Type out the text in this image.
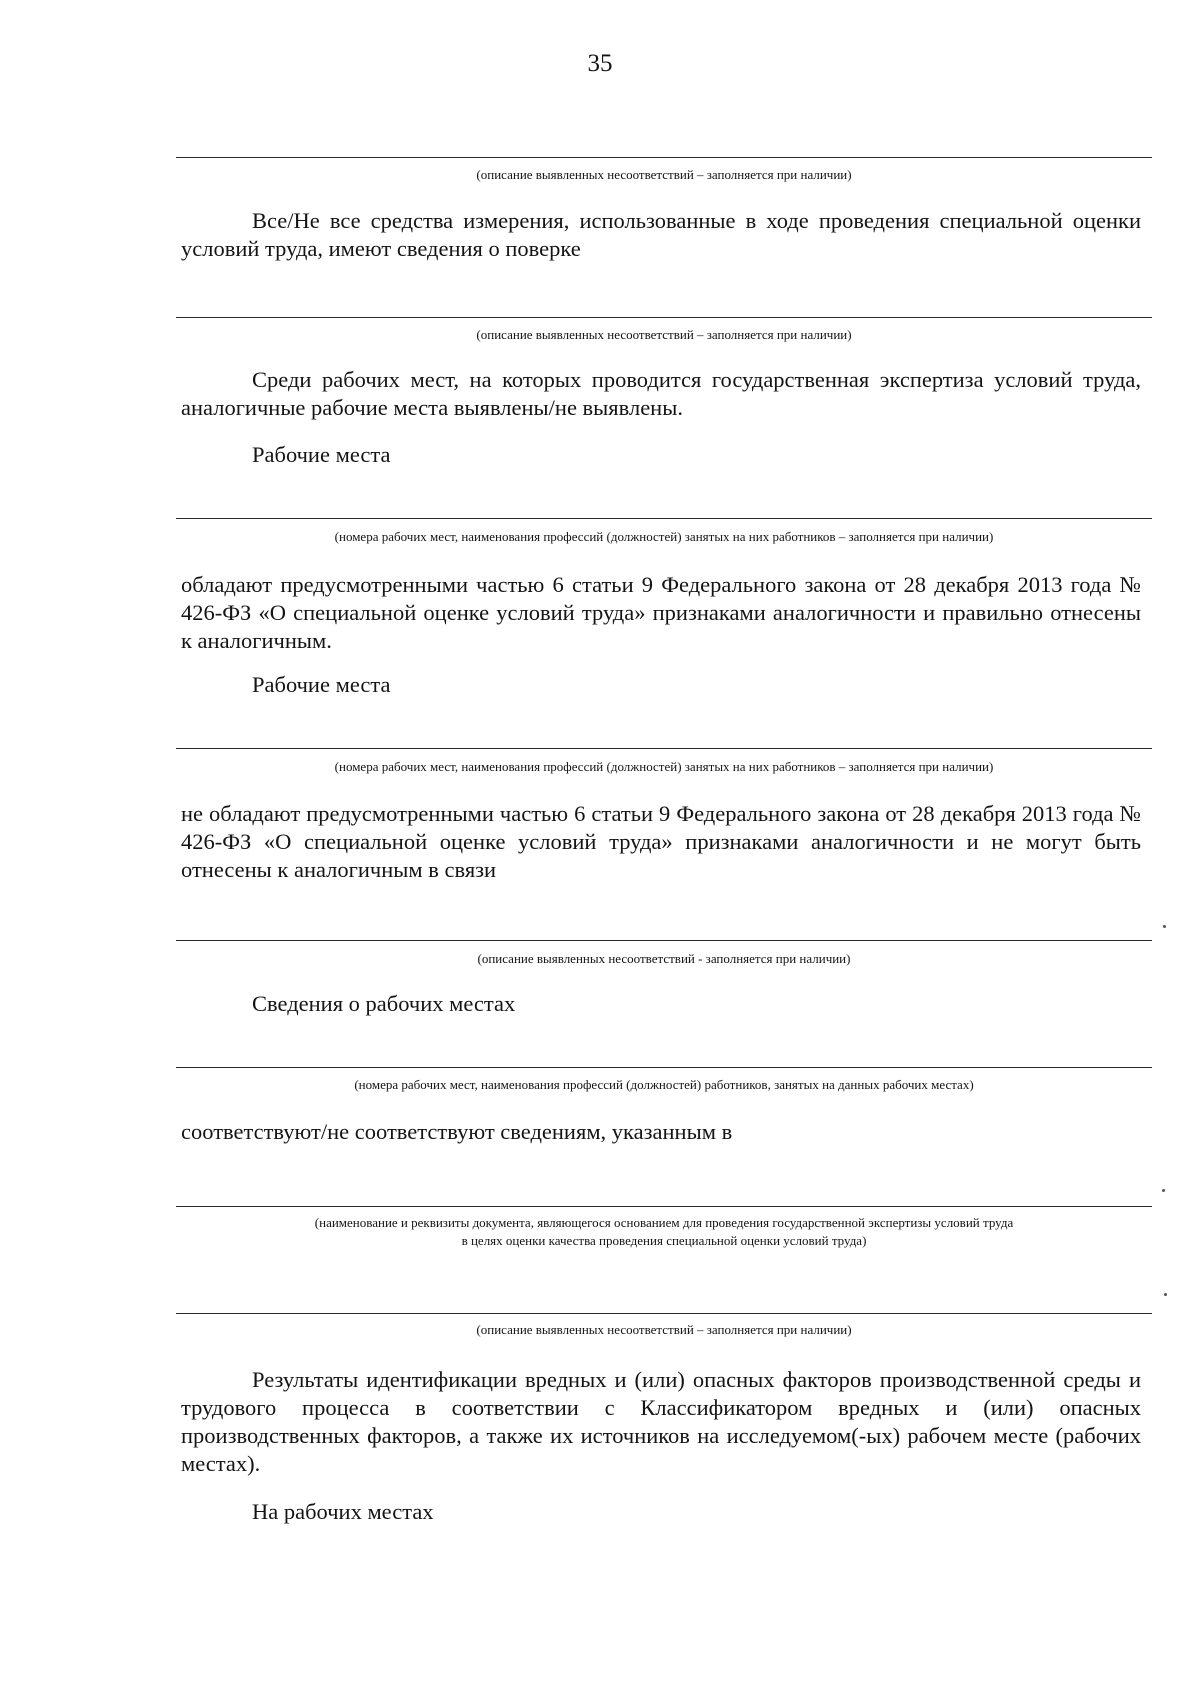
35
(описание выявленных несоответствий – заполняется при наличии)
Все/Не все средства измерения, использованные в ходе проведения специальной оценки условий труда, имеют сведения о поверке
(описание выявленных несоответствий – заполняется при наличии)
Среди рабочих мест, на которых проводится государственная экспертиза условий труда, аналогичные рабочие места выявлены/не выявлены.
Рабочие места
(номера рабочих мест, наименования профессий (должностей) занятых на них работников – заполняется при наличии)
обладают предусмотренными частью 6 статьи 9 Федерального закона от 28 декабря 2013 года № 426-ФЗ «О специальной оценке условий труда» признаками аналогичности и правильно отнесены к аналогичным.
Рабочие места
(номера рабочих мест, наименования профессий (должностей) занятых на них работников – заполняется при наличии)
не обладают предусмотренными частью 6 статьи 9 Федерального закона от 28 декабря 2013 года № 426-ФЗ «О специальной оценке условий труда» признаками аналогичности и не могут быть отнесены к аналогичным в связи
(описание выявленных несоответствий - заполняется при наличии)
Сведения о рабочих местах
(номера рабочих мест, наименования профессий (должностей) работников, занятых на данных рабочих местах)
соответствуют/не соответствуют сведениям, указанным в
(наименование и реквизиты документа, являющегося основанием для проведения государственной экспертизы условий труда
в целях оценки качества проведения специальной оценки условий труда)
(описание выявленных несоответствий – заполняется при наличии)
Результаты идентификации вредных и (или) опасных факторов производственной среды и трудового процесса в соответствии с Классификатором вредных и (или) опасных производственных факторов, а также их источников на исследуемом(-ых) рабочем месте (рабочих местах).
На рабочих местах
